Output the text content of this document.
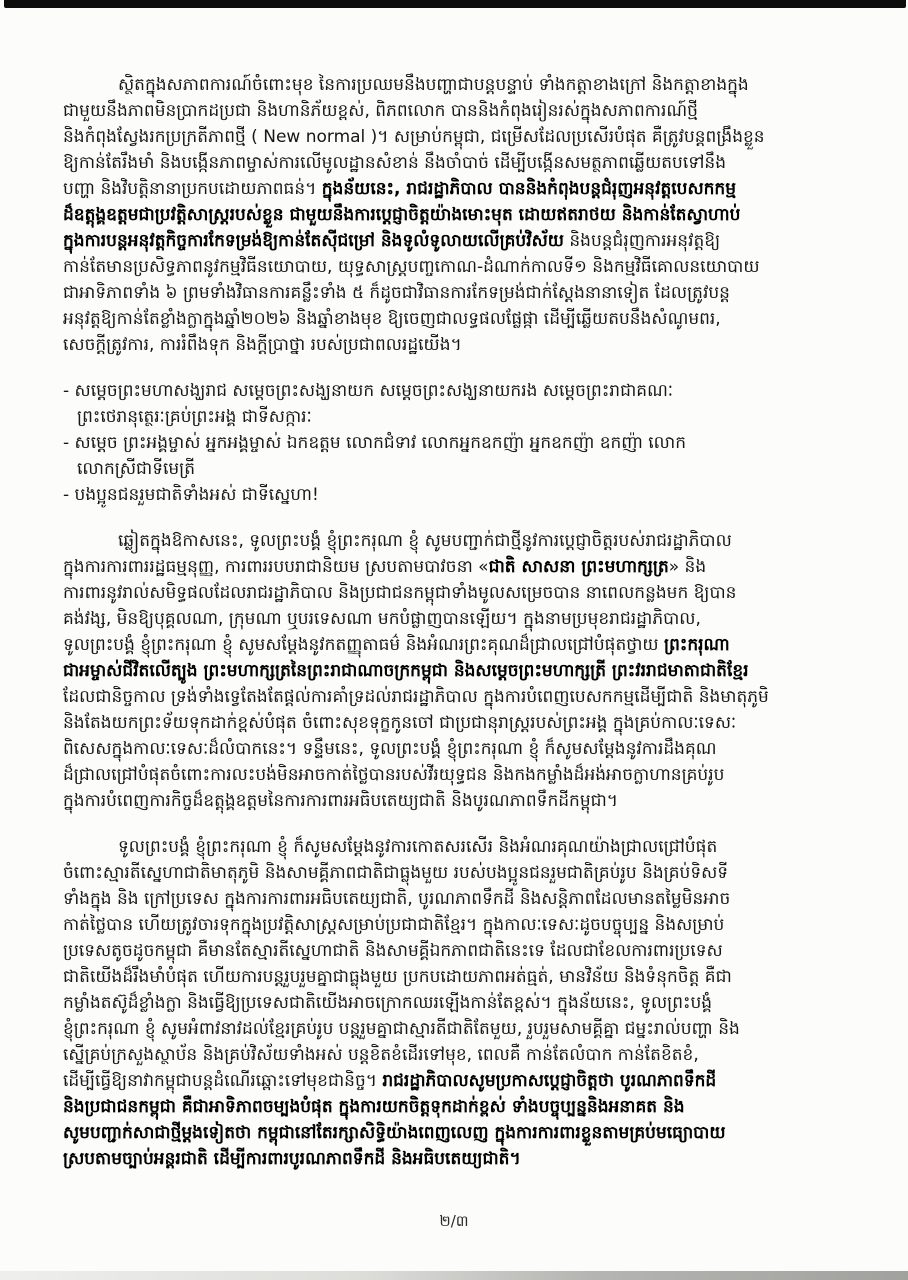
ស្ថិតក្នុងសភាពការណ៍ចំពោះមុខ នៃការប្រឈមនឹងបញ្ហាជាបន្តបន្ទាប់ ទាំងកត្តាខាងក្រៅ និងកត្តាខាងក្នុង
ជាមួយនឹងភាពមិនប្រាកដប្រជា និងហានិភ័យខ្ពស់, ពិភពលោក បាននិងកំពុងរៀនរស់ក្នុងសភាពការណ៍ថ្មី
និងកំពុងស្វែងរកប្រក្រតីភាពថ្មី ( New normal )។ សម្រាប់កម្ពុជា, ជម្រើសដែលប្រសើរបំផុត គឺត្រូវបន្តពង្រឹងខ្លួន
ឱ្យកាន់តែរឹងមាំ និងបង្កើនភាពម្ចាស់ការលើមូលដ្ឋានសំខាន់ នឹងចាំបាច់ ដើម្បីបង្កើនសមត្ថភាពឆ្លើយតបទៅនឹង
បញ្ហា និងវិបត្តិនានាប្រកបដោយភាពធន់។ ក្នុងន័យនេះ, រាជរដ្ឋាភិបាល បាននិងកំពុងបន្តជំរុញអនុវត្តបេសកកម្ម
ដ៏ឧត្តុង្គឧត្តមជាប្រវត្តិសាស្ត្ររបស់ខ្លួន ជាមួយនឹងការប្ដេជ្ញាចិត្តយ៉ាងមោះមុត ដោយឥតរាថយ និងកាន់តែស្វាហាប់
ក្នុងការបន្តអនុវត្តកិច្ចការកែទម្រង់ឱ្យកាន់តែស៊ីជម្រៅ និងទូលំទូលាយលើគ្រប់វិស័យ និងបន្តជំរុញការអនុវត្តឱ្យ
កាន់តែមានប្រសិទ្ធភាពនូវកម្មវិធីនយោបាយ, យុទ្ធសាស្ត្របញ្ចកោណ-ដំណាក់កាលទី១ និងកម្មវិធីគោលនយោបាយ
ជាអាទិភាពទាំង ៦ ព្រមទាំងវិធានការគន្លឹះទាំង ៥ ក៏ដូចជាវិធានការកែទម្រង់ជាក់ស្ដែងនានាទៀត ដែលត្រូវបន្ត
អនុវត្តឱ្យកាន់តែខ្លាំងក្លាក្នុងឆ្នាំ២០២៦ និងឆ្នាំខាងមុខ ឱ្យចេញជាលទ្ធផលផ្លែផ្កា ដើម្បីឆ្លើយតបនឹងសំណូមពរ,
សេចក្ដីត្រូវការ, ការរំពឹងទុក និងក្ដីប្រាថ្នា របស់ប្រជាពលរដ្ឋយើង។
- សម្ដេចព្រះមហាសង្ឃរាជ សម្ដេចព្រះសង្ឃនាយក សម្ដេចព្រះសង្ឃនាយករង សម្ដេចព្រះរាជាគណៈ
ព្រះថេរានុត្ថេរៈគ្រប់ព្រះអង្គ ជាទីសក្ការៈ
- សម្ដេច ព្រះអង្គម្ចាស់ អ្នកអង្គម្ចាស់ ឯកឧត្តម លោកជំទាវ លោកអ្នកឧកញ៉ា អ្នកឧកញ៉ា ឧកញ៉ា លោក
លោកស្រីជាទីមេត្រី
- បងប្អូនជនរួមជាតិទាំងអស់ ជាទីស្នេហា!
ឆ្លៀតក្នុងឱកាសនេះ, ទូលព្រះបង្គំ ខ្ញុំព្រះករុណា ខ្ញុំ សូមបញ្ជាក់ជាថ្មីនូវការប្ដេជ្ញាចិត្តរបស់រាជរដ្ឋាភិបាល
ក្នុងការការពាររដ្ឋធម្មនុញ្ញ, ការពាររបបរាជានិយម ស្របតាមបាវចនា «ជាតិ សាសនា ព្រះមហាក្សត្រ» និង
ការពារនូវរាល់សមិទ្ធផលដែលរាជរដ្ឋាភិបាល និងប្រជាជនកម្ពុជាទាំងមូលសម្រេចបាន នាពេលកន្លងមក ឱ្យបាន
គង់វង្ស, មិនឱ្យបុគ្គលណា, ក្រុមណា ឬបរទេសណា មកបំផ្លាញបានឡើយ។ ក្នុងនាមប្រមុខរាជរដ្ឋាភិបាល,
ទូលព្រះបង្គំ ខ្ញុំព្រះករុណា ខ្ញុំ សូមសម្ដែងនូវកតញ្ញុតាធម៌ និងអំណរព្រះគុណដ៏ជ្រាលជ្រៅបំផុតថ្វាយ ព្រះករុណា
ជាអម្ចាស់ជីវិតលើត្បូង ព្រះមហាក្សត្រនៃព្រះរាជាណាចក្រកម្ពុជា និងសម្ដេចព្រះមហាក្សត្រី ព្រះវររាជមាតាជាតិខ្មែរ
ដែលជានិច្ចកាល ទ្រង់ទាំងទ្វេតែងតែផ្ដល់ការគាំទ្រដល់រាជរដ្ឋាភិបាល ក្នុងការបំពេញបេសកកម្មដើម្បីជាតិ និងមាតុភូមិ
និងតែងយកព្រះទ័យទុកដាក់ខ្ពស់បំផុត ចំពោះសុខទុក្ខកូនចៅ ជាប្រជានុរាស្ត្ររបស់ព្រះអង្គ ក្នុងគ្រប់កាលៈទេសៈ
ពិសេសក្នុងកាលៈទេសៈដ៏លំបាកនេះ។ ទន្ទឹមនេះ, ទូលព្រះបង្គំ ខ្ញុំព្រះករុណា ខ្ញុំ ក៏សូមសម្ដែងនូវការដឹងគុណ
ដ៏ជ្រាលជ្រៅបំផុតចំពោះការលះបង់មិនអាចកាត់ថ្លៃបានរបស់វីរយុទ្ធជន និងកងកម្លាំងដ៏អង់អាចក្លាហានគ្រប់រូប
ក្នុងការបំពេញការកិច្ចដ៏ឧត្តុង្គឧត្តមនៃការការពារអធិបតេយ្យជាតិ និងបូរណភាពទឹកដីកម្ពុជា។
ទូលព្រះបង្គំ ខ្ញុំព្រះករុណា ខ្ញុំ ក៏សូមសម្ដែងនូវការកោតសរសើរ និងអំណរគុណយ៉ាងជ្រាលជ្រៅបំផុត
ចំពោះស្មារតីស្នេហាជាតិមាតុភូមិ និងសាមគ្គីភាពជាតិជាធ្លុងមួយ របស់បងប្អូនជនរួមជាតិគ្រប់រូប និងគ្រប់ទិសទី
ទាំងក្នុង និង ក្រៅប្រទេស ក្នុងការការពារអធិបតេយ្យជាតិ, បូរណភាពទឹកដី និងសន្តិភាពដែលមានតម្លៃមិនអាច
កាត់ថ្លៃបាន ហើយត្រូវចារទុកក្នុងប្រវត្តិសាស្ត្រសម្រាប់ប្រជាជាតិខ្មែរ។ ក្នុងកាលៈទេសៈដូចបច្ចុប្បន្ន និងសម្រាប់
ប្រទេសតូចដូចកម្ពុជា គឺមានតែស្មារតីស្នេហាជាតិ និងសាមគ្គីឯកភាពជាតិនេះទេ ដែលជាខែលការពារប្រទេស
ជាតិយើងដ៏រឹងមាំបំផុត ហើយការបន្តរួបរួមគ្នាជាធ្លុងមួយ ប្រកបដោយភាពអត់ធ្មត់, មានវិន័យ និងទំនុកចិត្ត គឺជា
កម្លាំងតស៊ូដ៏ខ្លាំងក្លា និងធ្វើឱ្យប្រទេសជាតិយើងអាចក្រោកឈរឡើងកាន់តែខ្ពស់។ ក្នុងន័យនេះ, ទូលព្រះបង្គំ
ខ្ញុំព្រះករុណា ខ្ញុំ សូមអំពាវនាវដល់ខ្មែរគ្រប់រូប បន្តរួមគ្នាជាស្មារតីជាតិតែមួយ, រួបរួមសាមគ្គីគ្នា ជម្នះរាល់បញ្ហា និង
ស្នើគ្រប់ក្រសួងស្ថាប័ន និងគ្រប់វិស័យទាំងអស់ បន្តខិតខំដើរទៅមុខ, ពេលគឺ កាន់តែលំបាក កាន់តែខិតខំ,
ដើម្បីធ្វើឱ្យនាវាកម្ពុជាបន្តដំណើរឆ្ពោះទៅមុខជានិច្ច។ រាជរដ្ឋាភិបាលសូមប្រកាសប្ដេជ្ញាចិត្តថា បូរណភាពទឹកដី
និងប្រជាជនកម្ពុជា គឺជាអាទិភាពចម្បងបំផុត ក្នុងការយកចិត្តទុកដាក់ខ្ពស់ ទាំងបច្ចុប្បន្ននិងអនាគត និង
សូមបញ្ជាក់សាជាថ្មីម្ដងទៀតថា កម្ពុជានៅតែរក្សាសិទ្ធិយ៉ាងពេញលេញ ក្នុងការការពារខ្លួនតាមគ្រប់មធ្យោបាយ
ស្របតាមច្បាប់អន្តរជាតិ ដើម្បីការពារបូរណភាពទឹកដី និងអធិបតេយ្យជាតិ។
២/៣
